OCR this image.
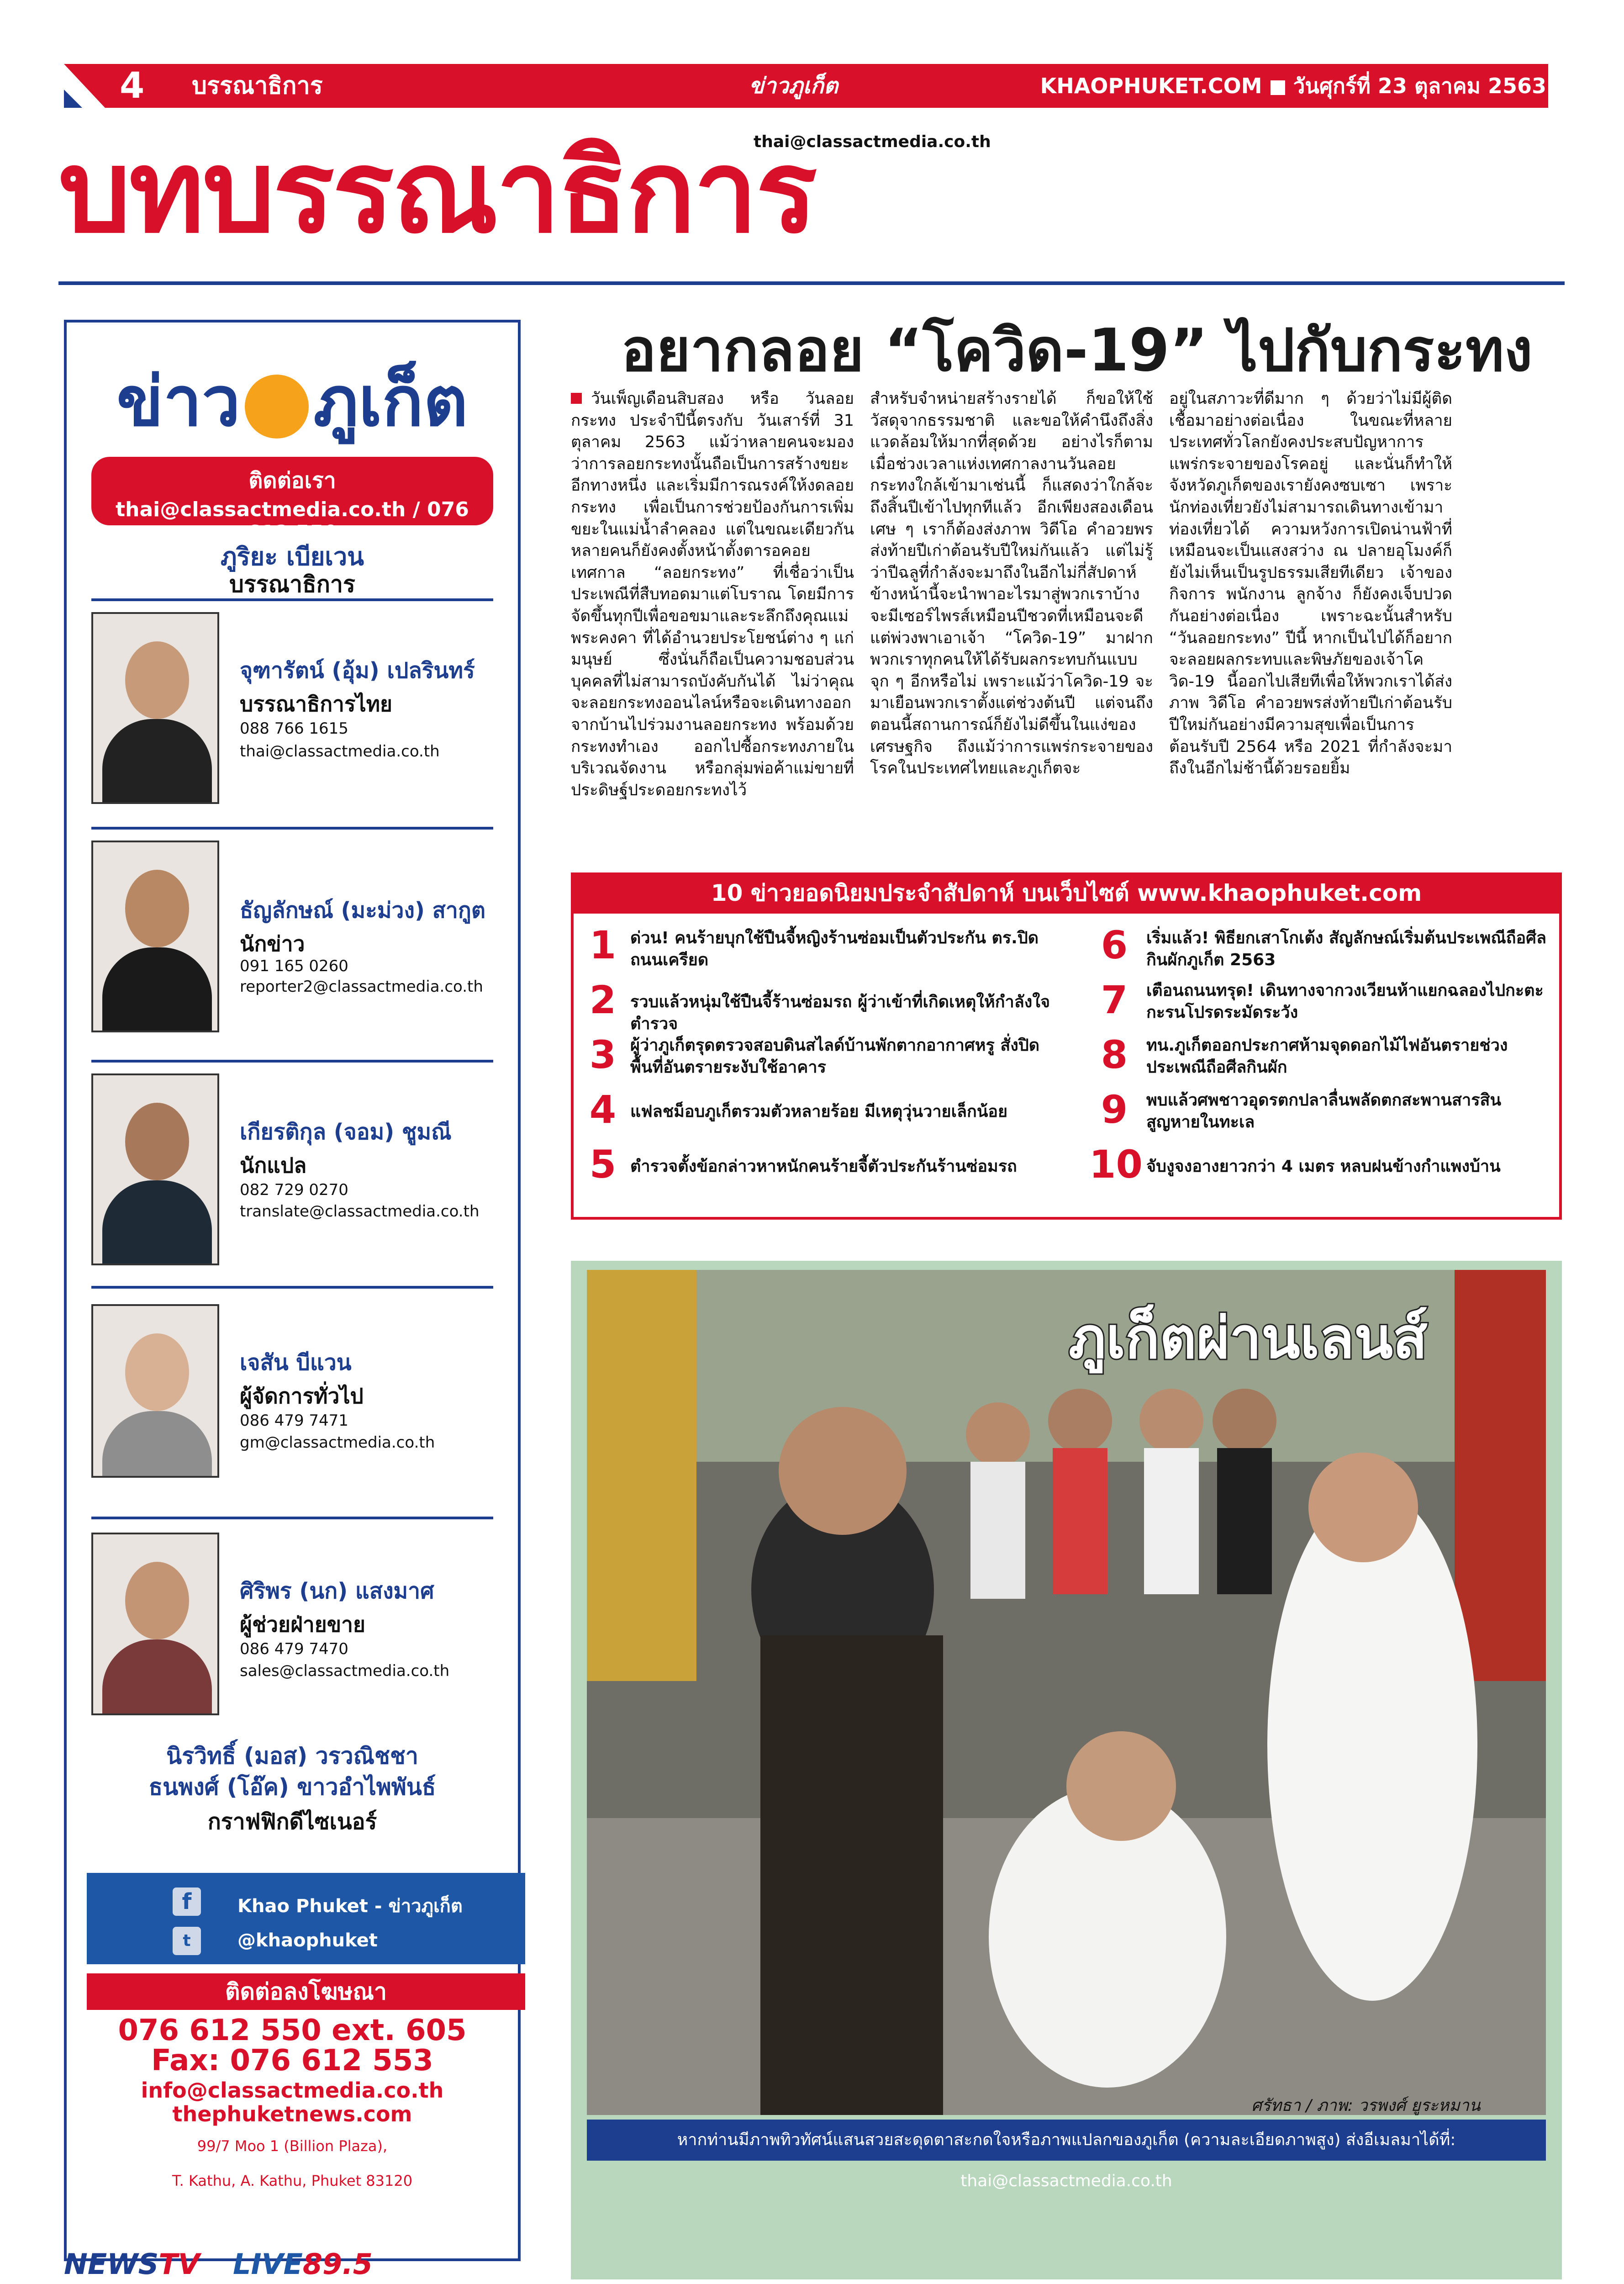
4 บรรณาธิการ	ข่าวภูเก็ต	KHAOPHUKET.COM วันศุกร์ที่ 23 ตุลาคม 2563
บทบรรณาธิการ
thai@classactmedia.co.th
ข่าว ภูเก็ต
ติดต่อเรา
thai@classactmedia.co.th / 076 612 550
ภูริยะ เบียเวน
บรรณาธิการ
จุฑารัตน์ (อุ้ม) เปลรินทร์
บรรณาธิการไทย
088 766 1615
thai@classactmedia.co.th
ธัญลักษณ์ (มะม่วง) สากูต
นักข่าว
091 165 0260
reporter2@classactmedia.co.th
เกียรติกุล (จอม) ชูมณี
นักแปล
082 729 0270
translate@classactmedia.co.th
เจสัน บีแวน
ผู้จัดการทั่วไป
086 479 7471
gm@classactmedia.co.th
ศิริพร (นก) แสงมาศ
ผู้ช่วยฝ่ายขาย
086 479 7470
sales@classactmedia.co.th
นิรวิทธิ์ (มอส) วรวณิชชา
ธนพงศ์ (โอ๊ค) ขาวอำไพพันธ์
กราฟฟิกดีไซเนอร์
f	Khao Phuket - ข่าวภูเก็ต
t	@khaophuket
ติดต่อลงโฆษณา
076 612 550 ext. 605
Fax: 076 612 553
info@classactmedia.co.th
thephuketnews.com
99/7 Moo 1 (Billion Plaza),
T. Kathu, A. Kathu, Phuket 83120
NEWSTV LIVE89.5
อยากลอย “โควิด-19” ไปกับกระทง
วันเพ็ญเดือนสิบสอง หรือ วันลอยกระทง ประจำปีนี้ตรงกับ วันเสาร์ที่ 31 ตุลาคม 2563 แม้ว่าหลายคนจะมองว่าการลอยกระทงนั้นถือเป็นการสร้างขยะอีกทางหนึ่ง และเริ่มมีการณรงค์ให้งดลอยกระทง เพื่อเป็นการช่วยป้องกันการเพิ่มขยะในแม่น้ำลำคลอง แต่ในขณะเดียวกันหลายคนก็ยังคงตั้งหน้าตั้งตารอคอยเทศกาล “ลอยกระทง” ที่เชื่อว่าเป็นประเพณีที่สืบทอดมาแต่โบราณ โดยมีการจัดขึ้นทุกปีเพื่อขอขมาและระลึกถึงคุณแม่พระคงคา ที่ได้อำนวยประโยชน์ต่าง ๆ แก่มนุษย์ ซึ่งนั่นก็ถือเป็นความชอบส่วนบุคคลที่ไม่สามารถบังคับกันได้ ไม่ว่าคุณจะลอยกระทงออนไลน์หรือจะเดินทางออกจากบ้านไปร่วมงานลอยกระทง พร้อมด้วยกระทงทำเอง ออกไปซื้อกระทงภายในบริเวณจัดงาน หรือกลุ่มพ่อค้าแม่ขายที่ประดิษฐ์ประดอยกระทงไว้
สำหรับจำหน่ายสร้างรายได้ ก็ขอให้ใช้วัสดุจากธรรมชาติ และขอให้คำนึงถึงสิ่งแวดล้อมให้มากที่สุดด้วย อย่างไรก็ตาม เมื่อช่วงเวลาแห่งเทศกาลงานวันลอยกระทงใกล้เข้ามาเช่นนี้ ก็แสดงว่าใกล้จะถึงสิ้นปีเข้าไปทุกทีแล้ว อีกเพียงสองเดือนเศษ ๆ เราก็ต้องส่งภาพ วิดีโอ คำอวยพรส่งท้ายปีเก่าต้อนรับปีใหม่กันแล้ว แต่ไม่รู้ว่าปีฉลูที่กำลังจะมาถึงในอีกไม่กี่สัปดาห์ข้างหน้านี้จะนำพาอะไรมาสู่พวกเราบ้าง จะมีเซอร์ไพรส์เหมือนปีชวดที่เหมือนจะดีแต่พ่วงพาเอาเจ้า “โควิด-19” มาฝากพวกเราทุกคนให้ได้รับผลกระทบกันแบบจุก ๆ อีกหรือไม่ เพราะแม้ว่าโควิด-19 จะมาเยือนพวกเราตั้งแต่ช่วงต้นปี แต่จนถึงตอนนี้สถานการณ์ก็ยังไม่ดีขึ้นในแง่ของเศรษฐกิจ ถึงแม้ว่าการแพร่กระจายของโรคในประเทศไทยและภูเก็ตจะ
อยู่ในสภาวะที่ดีมาก ๆ ด้วยว่าไม่มีผู้ติดเชื้อมาอย่างต่อเนื่อง ในขณะที่หลายประเทศทั่วโลกยังคงประสบปัญหาการแพร่กระจายของโรคอยู่ และนั่นก็ทำให้จังหวัดภูเก็ตของเรายังคงซบเซา เพราะนักท่องเที่ยวยังไม่สามารถเดินทางเข้ามาท่องเที่ยวได้ ความหวังการเปิดน่านฟ้าที่เหมือนจะเป็นแสงสว่าง ณ ปลายอุโมงค์ก็ยังไม่เห็นเป็นรูปธรรมเสียทีเดียว เจ้าของกิจการ พนักงาน ลูกจ้าง ก็ยังคงเจ็บปวดกันอย่างต่อเนื่อง เพราะฉะนั้นสำหรับ “วันลอยกระทง” ปีนี้ หากเป็นไปได้ก็อยากจะลอยผลกระทบและพิษภัยของเจ้าโควิด-19 นี้ออกไปเสียทีเพื่อให้พวกเราได้ส่งภาพ วิดีโอ คำอวยพรส่งท้ายปีเก่าต้อนรับปีใหม่กันอย่างมีความสุขเพื่อเป็นการต้อนรับปี 2564 หรือ 2021 ที่กำลังจะมาถึงในอีกไม่ช้านี้ด้วยรอยยิ้ม
10 ข่าวยอดนิยมประจำสัปดาห์ บนเว็บไซต์ www.khaophuket.com
1 ด่วน! คนร้ายบุกใช้ปืนจี้หญิงร้านซ่อมเป็นตัวประกัน ตร.ปิดถนนเครียด
2 รวบแล้วหนุ่มใช้ปืนจี้ร้านซ่อมรถ ผู้ว่าเข้าที่เกิดเหตุให้กำลังใจตำรวจ
3 ผู้ว่าภูเก็ตรุดตรวจสอบดินสไลด์บ้านพักตากอากาศหรู สั่งปิดพื้นที่อันตรายระงับใช้อาคาร
4 แฟลชม็อบภูเก็ตรวมตัวหลายร้อย มีเหตุวุ่นวายเล็กน้อย
5 ตำรวจตั้งข้อกล่าวหาหนักคนร้ายจี้ตัวประกันร้านซ่อมรถ
6	เริ่มแล้ว! พิธียกเสาโกเต้ง สัญลักษณ์เริ่มต้นประเพณีถือศีลกินผักภูเก็ต 2563
7	เตือนถนนทรุด! เดินทางจากวงเวียนห้าแยกฉลองไปกะตะกะรนโปรดระมัดระวัง
8	ทน.ภูเก็ตออกประกาศห้ามจุดดอกไม้ไฟอันตรายช่วงประเพณีถือศีลกินผัก
9	พบแล้วศพชาวอุดรตกปลาลื่นพลัดตกสะพานสารสินสูญหายในทะเล
10 จับงูจงอางยาวกว่า 4 เมตร หลบฝนข้างกำแพงบ้าน
ภูเก็ตผ่านเลนส์
ศรัทธา / ภาพ: วรพงศ์ ยูระหมาน
หากท่านมีภาพทิวทัศน์แสนสวยสะดุดตาสะกดใจหรือภาพแปลกของภูเก็ต (ความละเอียดภาพสูง) ส่งอีเมลมาได้ที่: thai@classactmedia.co.th
